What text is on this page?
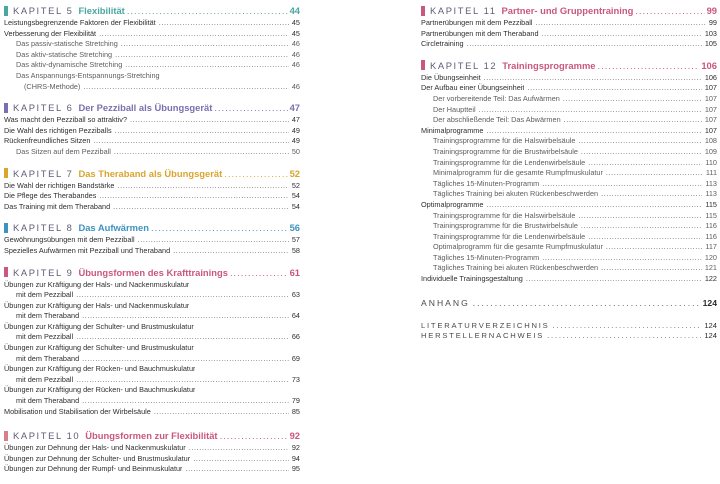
KAPITEL 5 Flexibilität .....	44
Leistungsbegrenzende Faktoren der Flexibilität .....	45
Verbesserung der Flexibilität .....	45
Das passiv-statische Stretching .....	46
Das aktiv-statische Stretching .....	46
Das aktiv-dynamische Stretching .....	46
Das Anspannungs-Entspannungs-Stretching
(CHRS-Methode) .....	46
KAPITEL 6 Der Pezziball als Übungsgerät .....	47
Was macht den Pezziball so attraktiv? .....	47
Die Wahl des richtigen Pezziballs .....	49
Rückenfreundliches Sitzen .....	49
Das Sitzen auf dem Pezziball .....	50
KAPITEL 7 Das Theraband als Übungsgerät .....	52
Die Wahl der richtigen Bandstärke .....	52
Die Pflege des Therabandes .....	54
Das Training mit dem Theraband .....	54
KAPITEL 8 Das Aufwärmen .....	56
Gewöhnungsübungen mit dem Pezziball .....	57
Spezielles Aufwärmen mit Pezziball und Theraband .....	58
KAPITEL 9 Übungsformen des Krafttrainings .....	61
Übungen zur Kräftigung der Hals- und Nackenmuskulatur
mit dem Pezziball .....	63
Übungen zur Kräftigung der Hals- und Nackenmuskulatur
mit dem Theraband .....	64
Übungen zur Kräftigung der Schulter- und Brustmuskulatur
mit dem Pezziball .....	66
Übungen zur Kräftigung der Schulter- und Brustmuskulatur
mit dem Theraband .....	69
Übungen zur Kräftigung der Rücken- und Bauchmuskulatur
mit dem Pezziball .....	73
Übungen zur Kräftigung der Rücken- und Bauchmuskulatur
mit dem Theraband .....	79
Mobilisation und Stabilisation der Wirbelsäule .....	85
KAPITEL 10 Übungsformen zur Flexibilität .....	92
Übungen zur Dehnung der Hals- und Nackenmuskulatur .....	92
Übungen zur Dehnung der Schulter- und Brustmuskulatur .....	94
Übungen zur Dehnung der Rumpf- und Beinmuskulatur .....	95
KAPITEL 11 Partner- und Gruppentraining .....	99
Partnerübungen mit dem Pezziball .....	99
Partnerübungen mit dem Theraband .....	103
Circletraining .....	105
KAPITEL 12 Trainingsprogramme .....	106
Die Übungseinheit .....	106
Der Aufbau einer Übungseinheit .....	107
Der vorbereitende Teil: Das Aufwärmen .....	107
Der Hauptteil .....	107
Der abschließende Teil: Das Abwärmen .....	107
Minimalprogramme .....	107
Trainingsprogramme für die Halswirbelsäule .....	108
Trainingsprogramme für die Brustwirbelsäule .....	109
Trainingsprogramme für die Lendenwirbelsäule .....	110
Minimalprogramm für die gesamte Rumpfmuskulatur .....	111
Tägliches 15-Minuten-Programm .....	113
Tägliches Training bei akuten Rückenbeschwerden .....	113
Optimalprogramme .....	115
Trainingsprogramme für die Halswirbelsäule .....	115
Trainingsprogramme für die Brustwirbelsäule .....	116
Trainingsprogramme für die Lendenwirbelsäule .....	116
Optimalprogramm für die gesamte Rumpfmuskulatur .....	117
Tägliches 15-Minuten-Programm .....	120
Tägliches Training bei akuten Rückenbeschwerden .....	121
Individuelle Trainingsgestaltung .....	122
ANHANG .....	124
LITERATURVERZEICHNIS .....	124
HERSTELLERNACHWEIS .....	124
